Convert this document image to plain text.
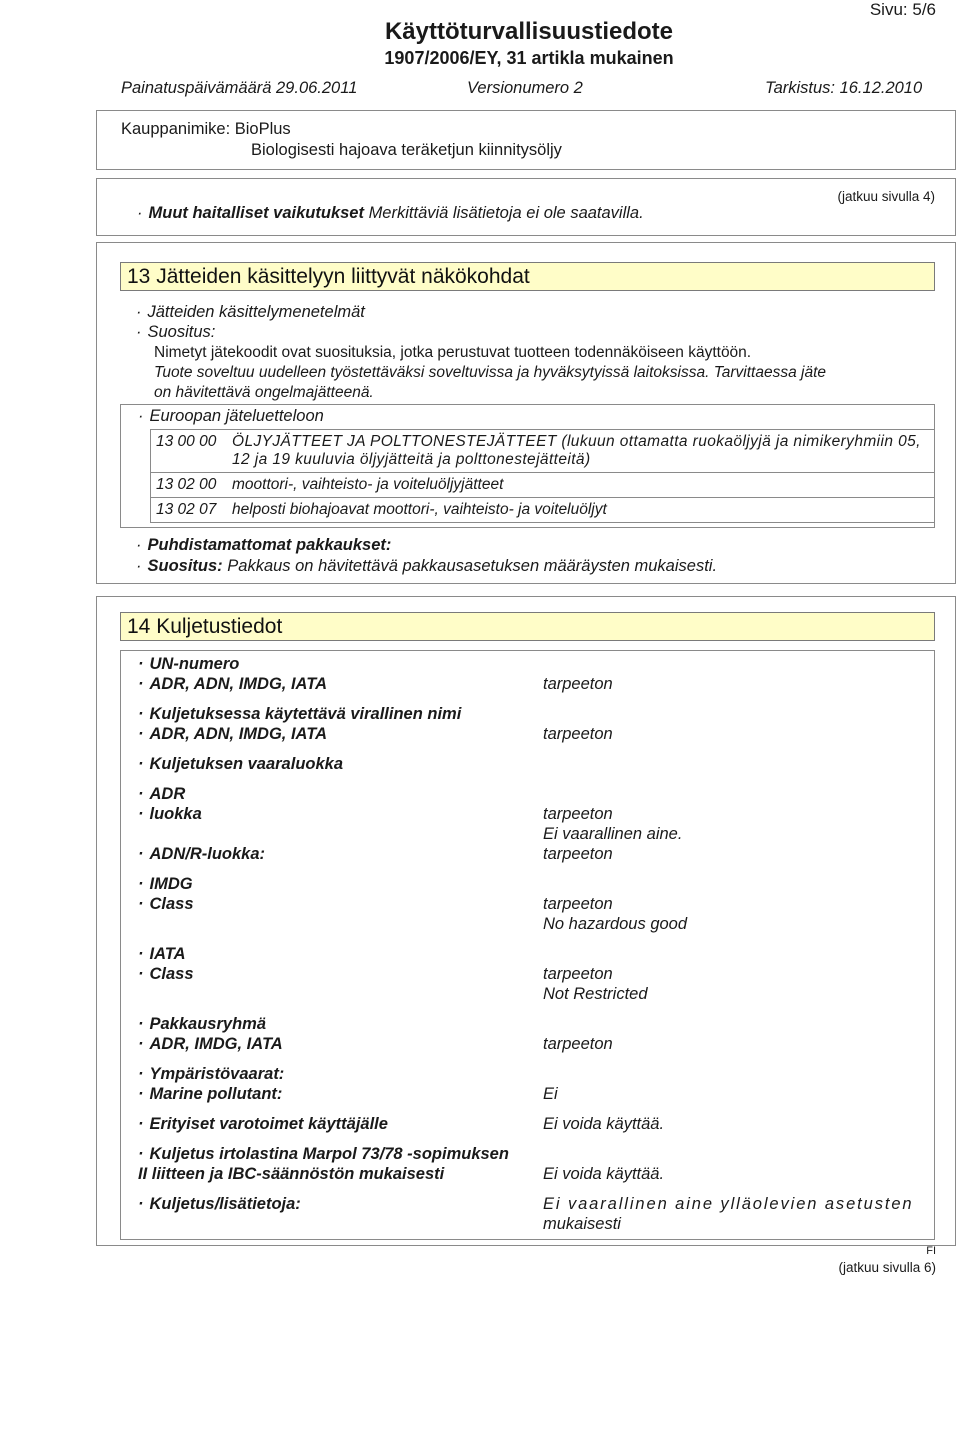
Sivu: 5/6
Käyttöturvallisuustiedote
1907/2006/EY, 31 artikla mukainen
Painatuspäivämäärä 29.06.2011	Versionumero 2	Tarkistus: 16.12.2010
Kauppanimike: BioPlus
Biologisesti hajoava teräketjun kiinnitysöljy
(jatkuu sivulla 4)
· Muut haitalliset vaikutukset Merkittäviä lisätietoja ei ole saatavilla.
13 Jätteiden käsittelyyn liittyvät näkökohdat
· Jätteiden käsittelymenetelmät
· Suositus:
Nimetyt jätekoodit ovat suosituksia, jotka perustuvat tuotteen todennäköiseen käyttöön.
Tuote soveltuu uudelleen työstettäväksi soveltuvissa ja hyväksytyissä laitoksissa. Tarvittaessa jäte
on hävitettävä ongelmajätteenä.
· Euroopan jäteluetteloon
13 00 00	ÖLJYJÄTTEET JA POLTTONESTEJÄTTEET (lukuun ottamatta ruokaöljyjä ja nimikeryhmiin 05, 12 ja 19 kuuluvia öljyjätteitä ja polttonestejätteitä)
13 02 00	moottori-, vaihteisto- ja voiteluöljyjätteet
13 02 07	helposti biohajoavat moottori-, vaihteisto- ja voiteluöljyt
· Puhdistamattomat pakkaukset:
· Suositus: Pakkaus on hävitettävä pakkausasetuksen määräysten mukaisesti.
14 Kuljetustiedot
· UN-numero
· ADR, ADN, IMDG, IATA	tarpeeton
· Kuljetuksessa käytettävä virallinen nimi
· ADR, ADN, IMDG, IATA	tarpeeton
· Kuljetuksen vaaraluokka
· ADR
· luokka	tarpeeton
Ei vaarallinen aine.
· ADN/R-luokka:	tarpeeton
· IMDG
· Class	tarpeeton
No hazardous good
· IATA
· Class	tarpeeton
Not Restricted
· Pakkausryhmä
· ADR, IMDG, IATA	tarpeeton
· Ympäristövaarat:
· Marine pollutant:	Ei
· Erityiset varotoimet käyttäjälle	Ei voida käyttää.
· Kuljetus irtolastina Marpol 73/78 -sopimuksen
II liitteen ja IBC-säännöstön mukaisesti	Ei voida käyttää.
· Kuljetus/lisätietoja:	Ei vaarallinen aine ylläolevien asetusten
mukaisesti
FI
(jatkuu sivulla 6)
